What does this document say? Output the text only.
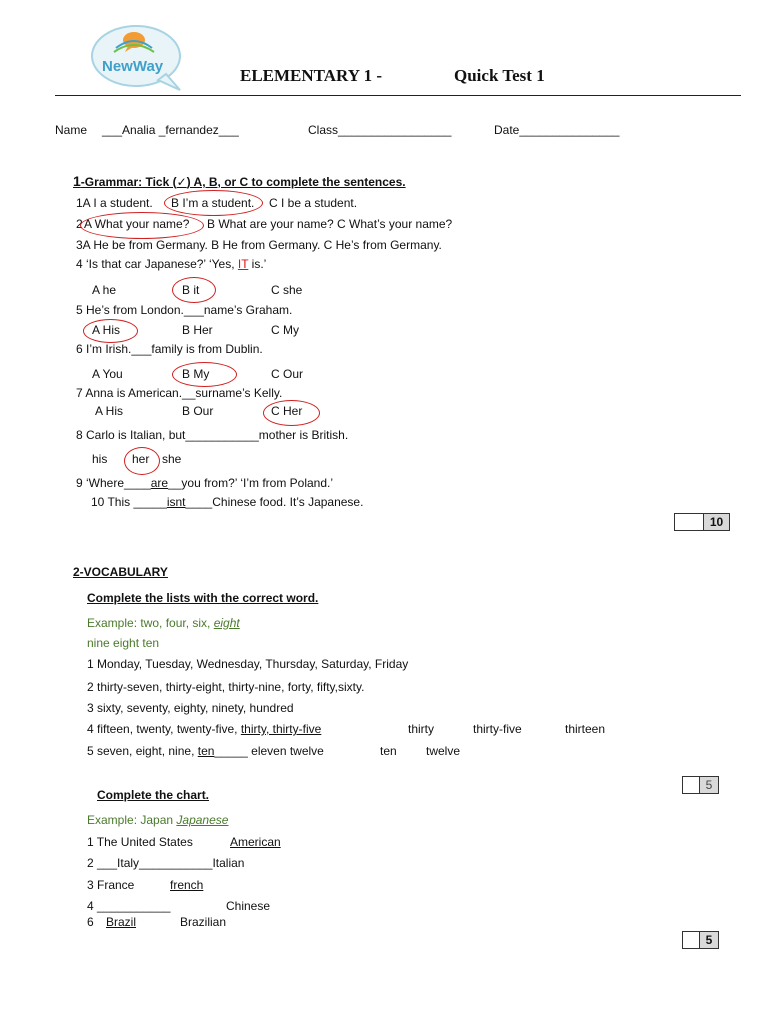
NewWay	ELEMENTARY 1 -	Quick Test 1
Name ___Analia _fernandez___	Class_________________	Date_______________
1-Grammar: Tick (✓) A, B, or C to complete the sentences.
1A I a student. B I’m a student. C I be a student.
2 A What your name? B What are your name? C What’s your name?
3A He be from Germany. B He from Germany. C He’s from Germany.
4 ‘Is that car Japanese?’ ‘Yes, IT is.’
A he	B it	C she
5 He’s from London.___name’s Graham.
A His	B Her	C My
6 I’m Irish.___family is from Dublin.
A You	B My	C Our
7 Anna is American.__surname’s Kelly.
A His	B Our	C Her
8 Carlo is Italian, but___________mother is British.
his her she
9 ‘Where____are__you from?’ ‘I’m from Poland.’
10 This _____isnt____Chinese food. It’s Japanese.
10
2-VOCABULARY
Complete the lists with the correct word.
Example: two, four, six, eight
nine eight ten
1 Monday, Tuesday, Wednesday, Thursday, Saturday, Friday
2 thirty-seven, thirty-eight, thirty-nine, forty, fifty,sixty.
3 sixty, seventy, eighty, ninety, hundred
4 fifteen, twenty, twenty-five, thirty, thirty-five	thirty	thirty-five	thirteen
5 seven, eight, nine, ten_____ eleven twelve	ten twelve
5
Complete the chart.
Example: Japan Japanese
1 The United States	American
2 ___Italy___________Italian
3 France	french
4 ___________	Chinese
6	Brazil	Brazilian
5
